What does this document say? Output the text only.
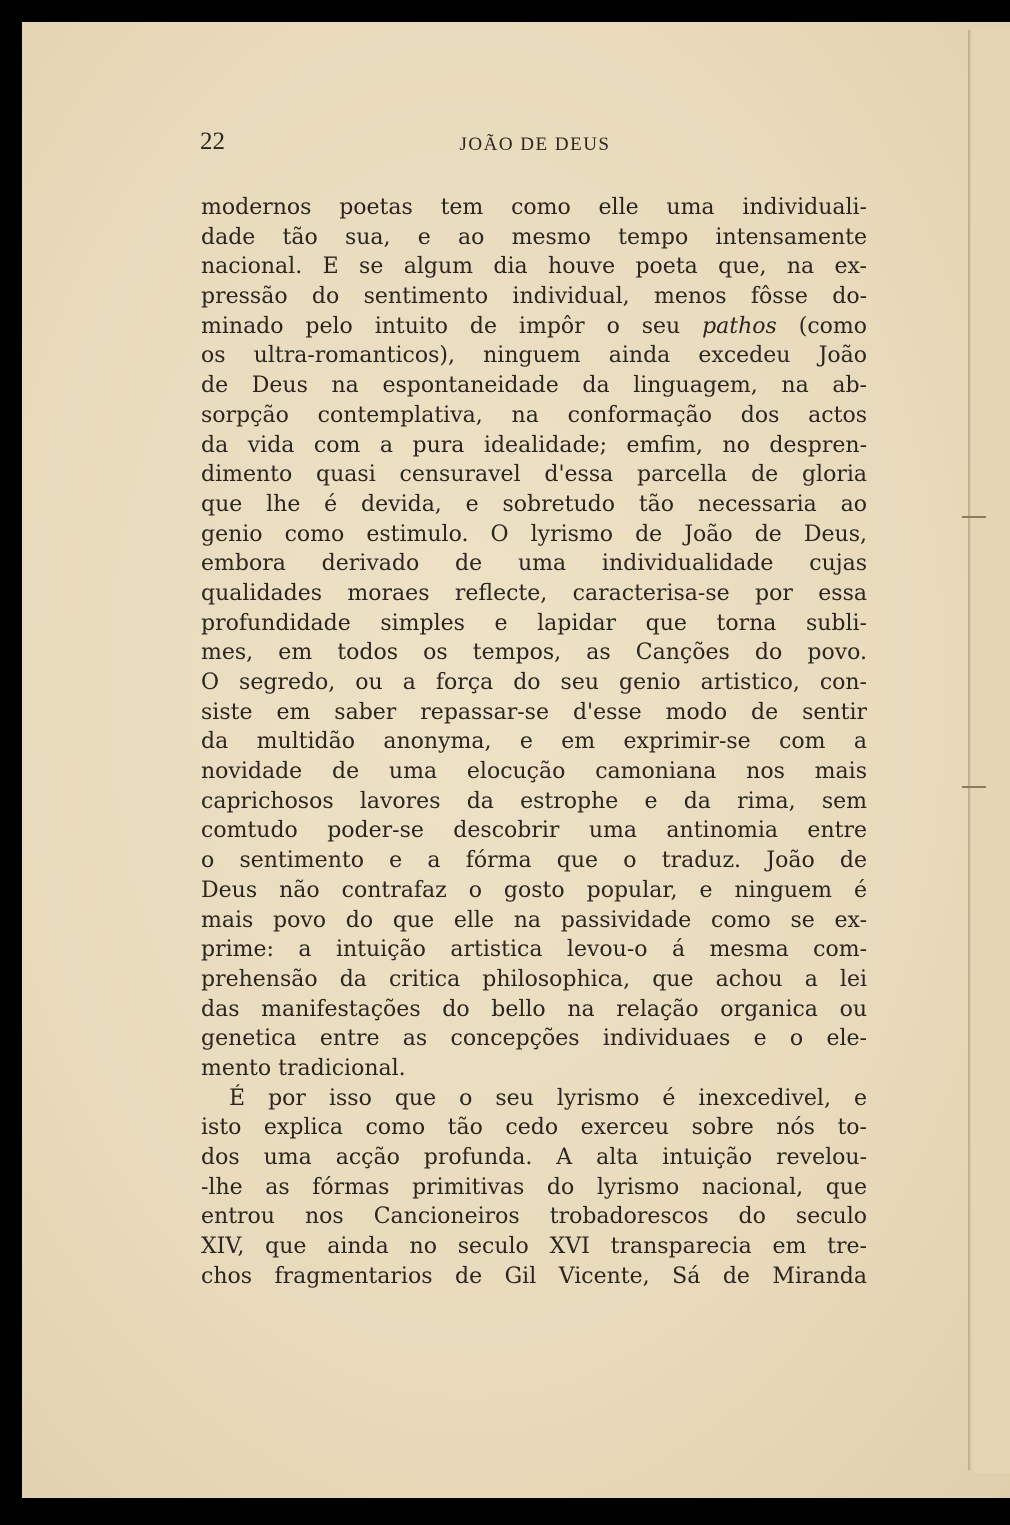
22	JOÃO DE DEUS
modernos poetas tem como elle uma individuali-
dade tão sua, e ao mesmo tempo intensamente
nacional. E se algum dia houve poeta que, na ex-
pressão do sentimento individual, menos fôsse do-
minado pelo intuito de impôr o seu pathos (como
os ultra-romanticos), ninguem ainda excedeu João
de Deus na espontaneidade da linguagem, na ab-
sorpção contemplativa, na conformação dos actos
da vida com a pura idealidade; emfim, no despren-
dimento quasi censuravel d'essa parcella de gloria
que lhe é devida, e sobretudo tão necessaria ao
genio como estimulo. O lyrismo de João de Deus,
embora derivado de uma individualidade cujas
qualidades moraes reflecte, caracterisa-se por essa
profundidade simples e lapidar que torna subli-
mes, em todos os tempos, as Canções do povo.
O segredo, ou a força do seu genio artistico, con-
siste em saber repassar-se d'esse modo de sentir
da multidão anonyma, e em exprimir-se com a
novidade de uma elocução camoniana nos mais
caprichosos lavores da estrophe e da rima, sem
comtudo poder-se descobrir uma antinomia entre
o sentimento e a fórma que o traduz. João de
Deus não contrafaz o gosto popular, e ninguem é
mais povo do que elle na passividade como se ex-
prime: a intuição artistica levou-o á mesma com-
prehensão da critica philosophica, que achou a lei
das manifestações do bello na relação organica ou
genetica entre as concepções individuaes e o ele-
mento tradicional.
É por isso que o seu lyrismo é inexcedivel, e
isto explica como tão cedo exerceu sobre nós to-
dos uma acção profunda. A alta intuição revelou-
-lhe as fórmas primitivas do lyrismo nacional, que
entrou nos Cancioneiros trobadorescos do seculo
XIV, que ainda no seculo XVI transparecia em tre-
chos fragmentarios de Gil Vicente, Sá de Miranda
